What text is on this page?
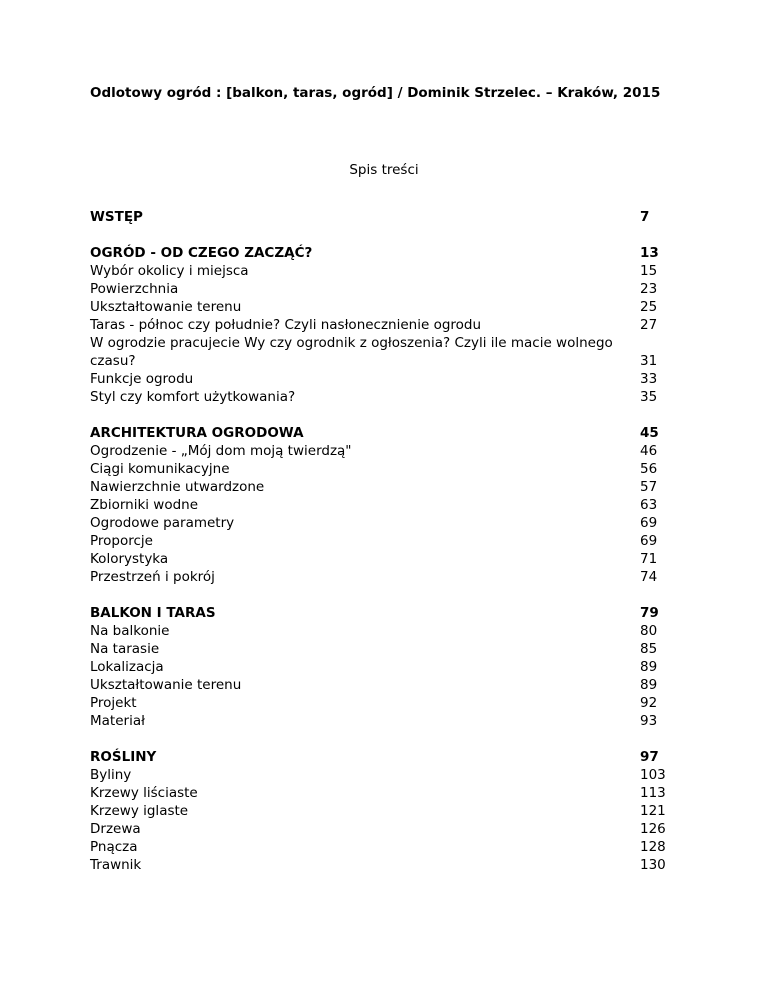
Odlotowy ogród : [balkon, taras, ogród] / Dominik Strzelec. – Kraków, 2015

Spis treści

WSTĘP	7
OGRÓD - OD CZEGO ZACZĄĆ?	13
Wybór okolicy i miejsca	15
Powierzchnia	23
Ukształtowanie terenu	25
Taras - północ czy południe? Czyli nasłonecznienie ogrodu	27
W ogrodzie pracujecie Wy czy ogrodnik z ogłoszenia? Czyli ile macie wolnego czasu?	31
Funkcje ogrodu	33
Styl czy komfort użytkowania?	35
ARCHITEKTURA OGRODOWA	45
Ogrodzenie - „Mój dom moją twierdzą"	46
Ciągi komunikacyjne	56
Nawierzchnie utwardzone	57
Zbiorniki wodne	63
Ogrodowe parametry	69
Proporcje	69
Kolorystyka	71
Przestrzeń i pokrój	74
BALKON I TARAS	79
Na balkonie	80
Na tarasie	85
Lokalizacja	89
Ukształtowanie terenu	89
Projekt	92
Materiał	93
ROŚLINY	97
Byliny	103
Krzewy liściaste	113
Krzewy iglaste	121
Drzewa	126
Pnącza	128
Trawnik	130
